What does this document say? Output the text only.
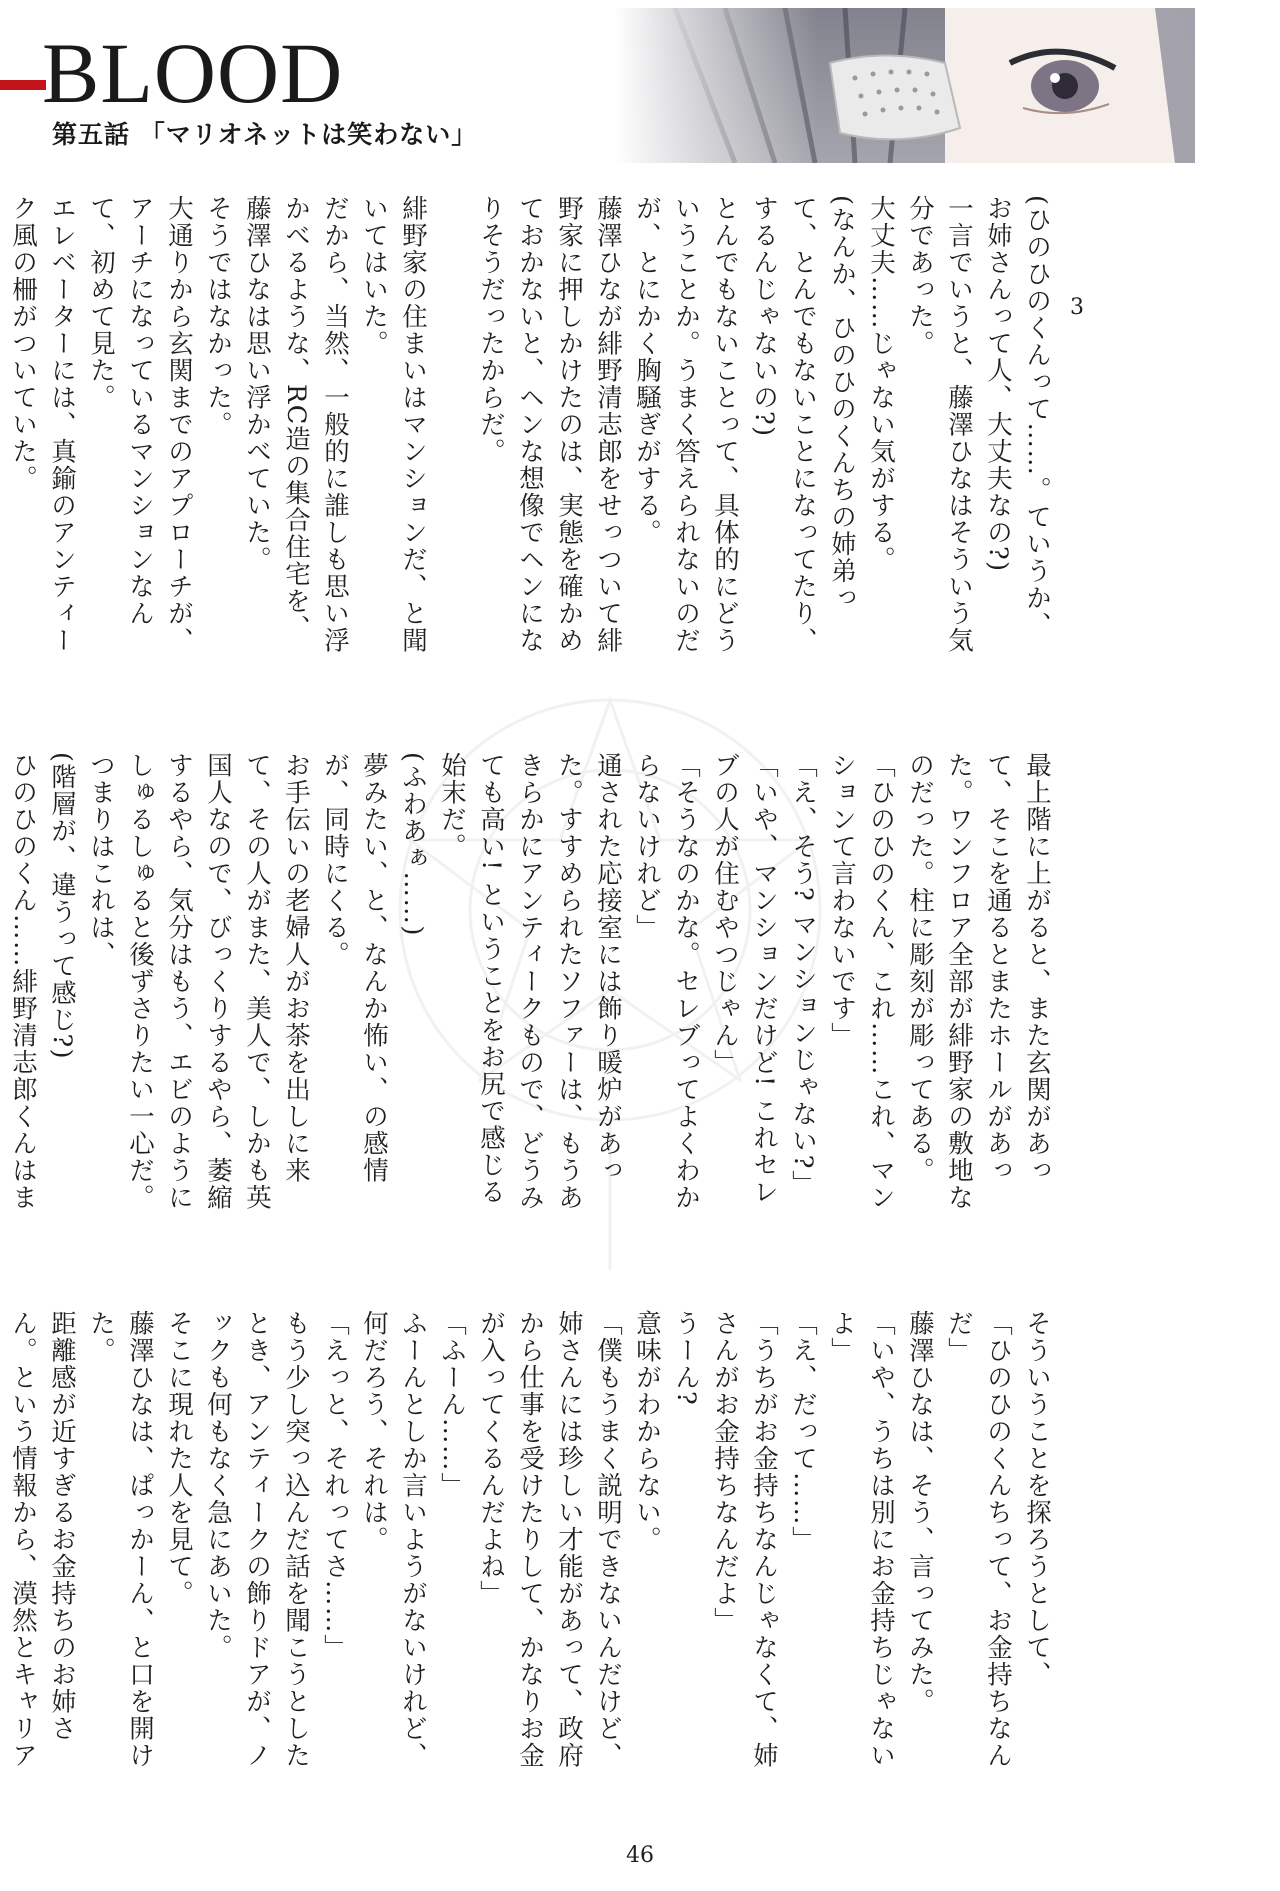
BLOOD
第五話 「マリオネットは笑わない」
3
(ひのひのくんって……。ていうか、お姉さんって人、大丈夫なの?)
一言でいうと、藤澤ひなはそういう気分であった。
大丈夫……じゃない気がする。
(なんか、ひのひのくんちの姉弟って、とんでもないことになってたり、するんじゃないの?)
とんでもないことって、具体的にどういうことか。うまく答えられないのだが、とにかく胸騒ぎがする。
藤澤ひなが緋野清志郎をせっついて緋野家に押しかけたのは、実態を確かめておかないと、ヘンな想像でヘンになりそうだったからだ。

緋野家の住まいはマンションだ、と聞いてはいた。
だから、当然、一般的に誰しも思い浮かべるような、RC造の集合住宅を、藤澤ひなは思い浮かべていた。
そうではなかった。
大通りから玄関までのアプローチが、アーチになっているマンションなんて、初めて見た。
エレベーターには、真鍮のアンティーク風の柵がついていた。
最上階に上がると、また玄関があって、そこを通るとまたホールがあった。ワンフロア全部が緋野家の敷地なのだった。柱に彫刻が彫ってある。
「ひのひのくん、これ……これ、マンションて言わないです」
「え、そう? マンションじゃない?」
「いや、マンションだけど! これセレブの人が住むやつじゃん」
「そうなのかな。セレブってよくわからないけれど」
通された応接室には飾り暖炉があった。すすめられたソファーは、もうあきらかにアンティークもので、どうみても高い! ということをお尻で感じる始末だ。
(ふわあぁ……)
夢みたい、と、なんか怖い、の感情が、同時にくる。
お手伝いの老婦人がお茶を出しに来て、その人がまた、美人で、しかも英国人なので、びっくりするやら、萎縮するやら、気分はもう、エビのようにしゅるしゅると後ずさりたい一心だ。
つまりはこれは、
(階層が、違うって感じ?)
ひのひのくん……緋野清志郎くんはま

そういうことを探ろうとして、
「ひのひのくんちって、お金持ちなんだ」
藤澤ひなは、そう、言ってみた。
「いや、うちは別にお金持ちじゃないよ」
「え、だって……」
「うちがお金持ちなんじゃなくて、姉さんがお金持ちなんだよ」
うーん?
意味がわからない。
「僕もうまく説明できないんだけど、姉さんには珍しい才能があって、政府から仕事を受けたりして、かなりお金が入ってくるんだよね」
「ふーん……」
ふーんとしか言いようがないけれど、何だろう、それは。
「えっと、それってさ……」
もう少し突っ込んだ話を聞こうとしたとき、アンティークの飾りドアが、ノックも何もなく急にあいた。
そこに現れた人を見て。
藤澤ひなは、ぱっかーん、と口を開けた。
距離感が近すぎるお金持ちのお姉さん。という情報から、漠然とキャリア

46
